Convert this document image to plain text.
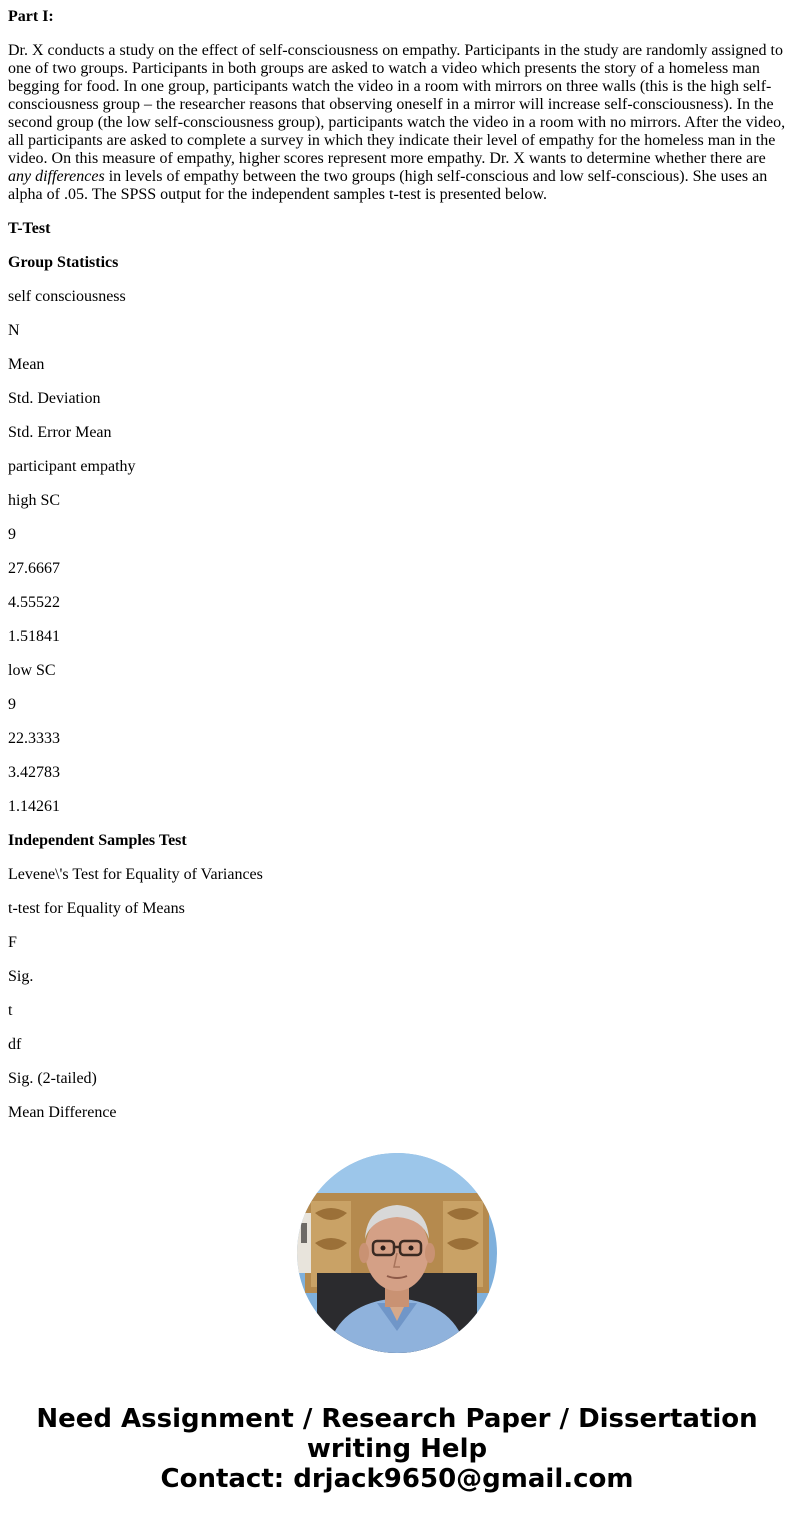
Part I:

Dr. X conducts a study on the effect of self-consciousness on empathy. Participants in the study are randomly assigned to one of two groups. Participants in both groups are asked to watch a video which presents the story of a homeless man begging for food. In one group, participants watch the video in a room with mirrors on three walls (this is the high self-consciousness group – the researcher reasons that observing oneself in a mirror will increase self-consciousness). In the second group (the low self-consciousness group), participants watch the video in a room with no mirrors. After the video, all participants are asked to complete a survey in which they indicate their level of empathy for the homeless man in the video. On this measure of empathy, higher scores represent more empathy. Dr. X wants to determine whether there are any differences in levels of empathy between the two groups (high self-conscious and low self-conscious). She uses an alpha of .05. The SPSS output for the independent samples t-test is presented below.

T-Test

Group Statistics

self consciousness

N

Mean

Std. Deviation

Std. Error Mean

participant empathy

high SC

9

27.6667

4.55522

1.51841

low SC

9

22.3333

3.42783

1.14261

Independent Samples Test

Levene\'s Test for Equality of Variances

t-test for Equality of Means

F

Sig.

t

df

Sig. (2-tailed)

Mean Difference

Need Assignment / Research Paper / Dissertation
writing Help
Contact: drjack9650@gmail.com
